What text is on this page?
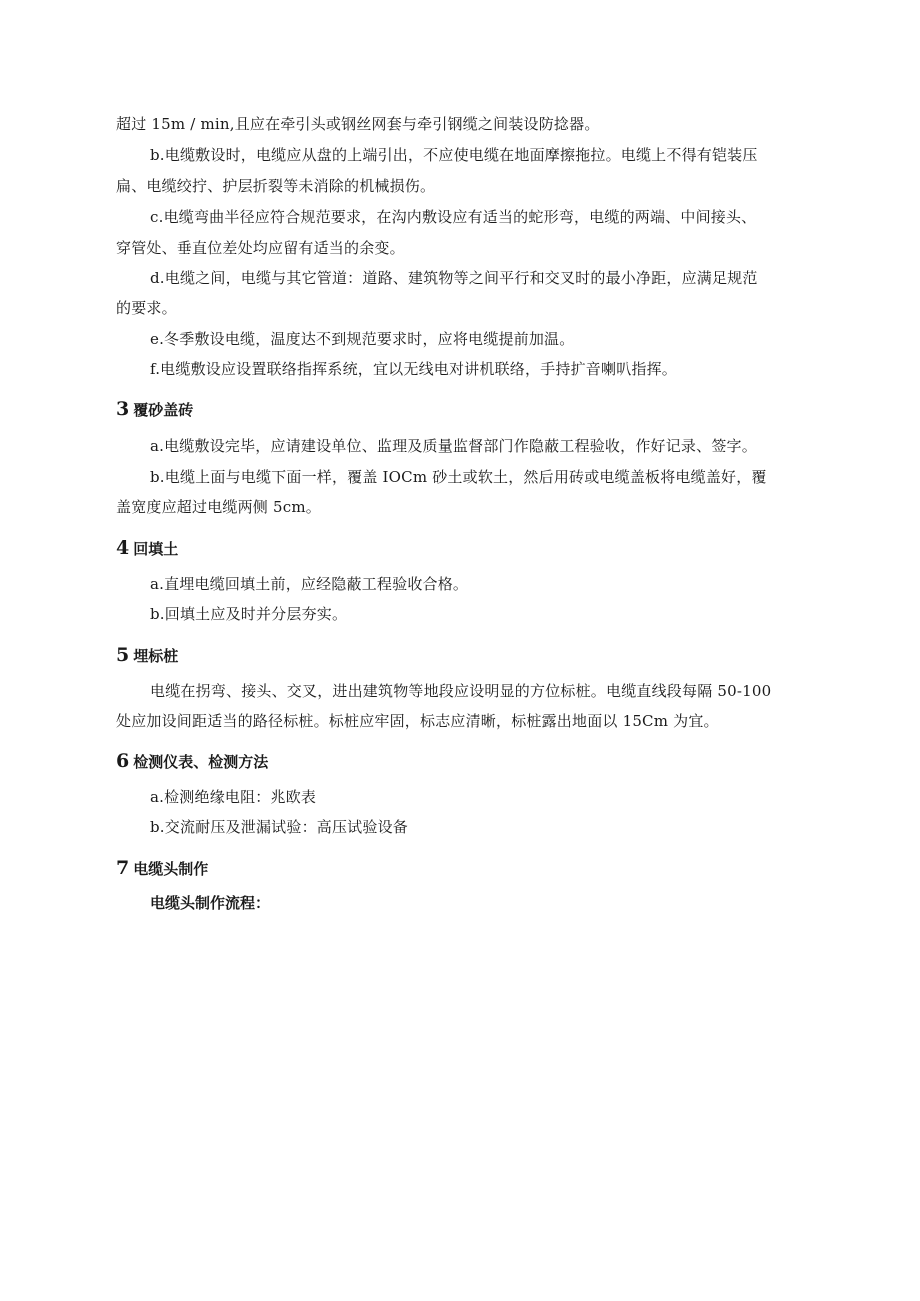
超过 15m / min,且应在牵引头或钢丝网套与牵引钢缆之间装设防捻器。
b.电缆敷设时，电缆应从盘的上端引出，不应使电缆在地面摩擦拖拉。电缆上不得有铠装压
扁、电缆绞拧、护层折裂等未消除的机械损伤。
c.电缆弯曲半径应符合规范要求，在沟内敷设应有适当的蛇形弯，电缆的两端、中间接头、
穿管处、垂直位差处均应留有适当的余变。
d.电缆之间，电缆与其它管道：道路、建筑物等之间平行和交叉时的最小净距，应满足规范
的要求。
e.冬季敷设电缆，温度达不到规范要求时，应将电缆提前加温。
f.电缆敷设应设置联络指挥系统，宜以无线电对讲机联络，手持扩音喇叭指挥。
3 覆砂盖砖
a.电缆敷设完毕，应请建设单位、监理及质量监督部门作隐蔽工程验收，作好记录、签字。
b.电缆上面与电缆下面一样，覆盖 IOCm 砂土或软土，然后用砖或电缆盖板将电缆盖好，覆
盖宽度应超过电缆两侧 5cm。
4 回填土
a.直埋电缆回填土前，应经隐蔽工程验收合格。
b.回填土应及时并分层夯实。
5 埋标桩
电缆在拐弯、接头、交叉，进出建筑物等地段应设明显的方位标桩。电缆直线段每隔 50-100
处应加设间距适当的路径标桩。标桩应牢固，标志应清晰，标桩露出地面以 15Cm 为宜。
6 检测仪表、检测方法
a.检测绝缘电阻：兆欧表
b.交流耐压及泄漏试验：高压试验设备
7 电缆头制作
电缆头制作流程：
